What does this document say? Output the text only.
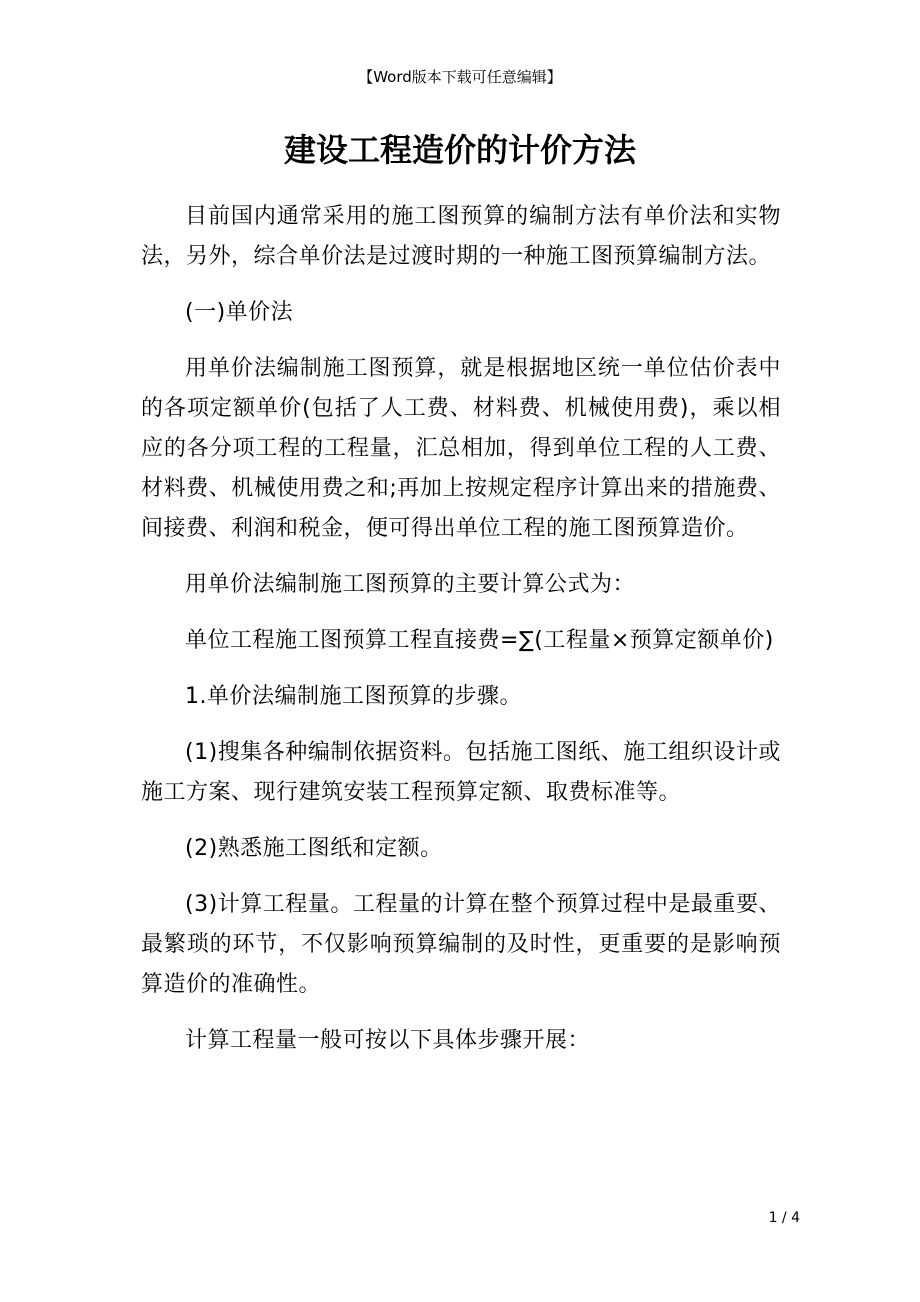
【Word版本下载可任意编辑】
建设工程造价的计价方法

目前国内通常采用的施工图预算的编制方法有单价法和实物法，另外，综合单价法是过渡时期的一种施工图预算编制方法。

(一)单价法

用单价法编制施工图预算，就是根据地区统一单位估价表中的各项定额单价(包括了人工费、材料费、机械使用费)，乘以相应的各分项工程的工程量，汇总相加，得到单位工程的人工费、材料费、机械使用费之和;再加上按规定程序计算出来的措施费、间接费、利润和税金，便可得出单位工程的施工图预算造价。

用单价法编制施工图预算的主要计算公式为：

单位工程施工图预算工程直接费=∑(工程量×预算定额单价)

1.单价法编制施工图预算的步骤。

(1)搜集各种编制依据资料。包括施工图纸、施工组织设计或施工方案、现行建筑安装工程预算定额、取费标准等。

(2)熟悉施工图纸和定额。

(3)计算工程量。工程量的计算在整个预算过程中是最重要、最繁琐的环节，不仅影响预算编制的及时性，更重要的是影响预算造价的准确性。

计算工程量一般可按以下具体步骤开展：

1 / 4
